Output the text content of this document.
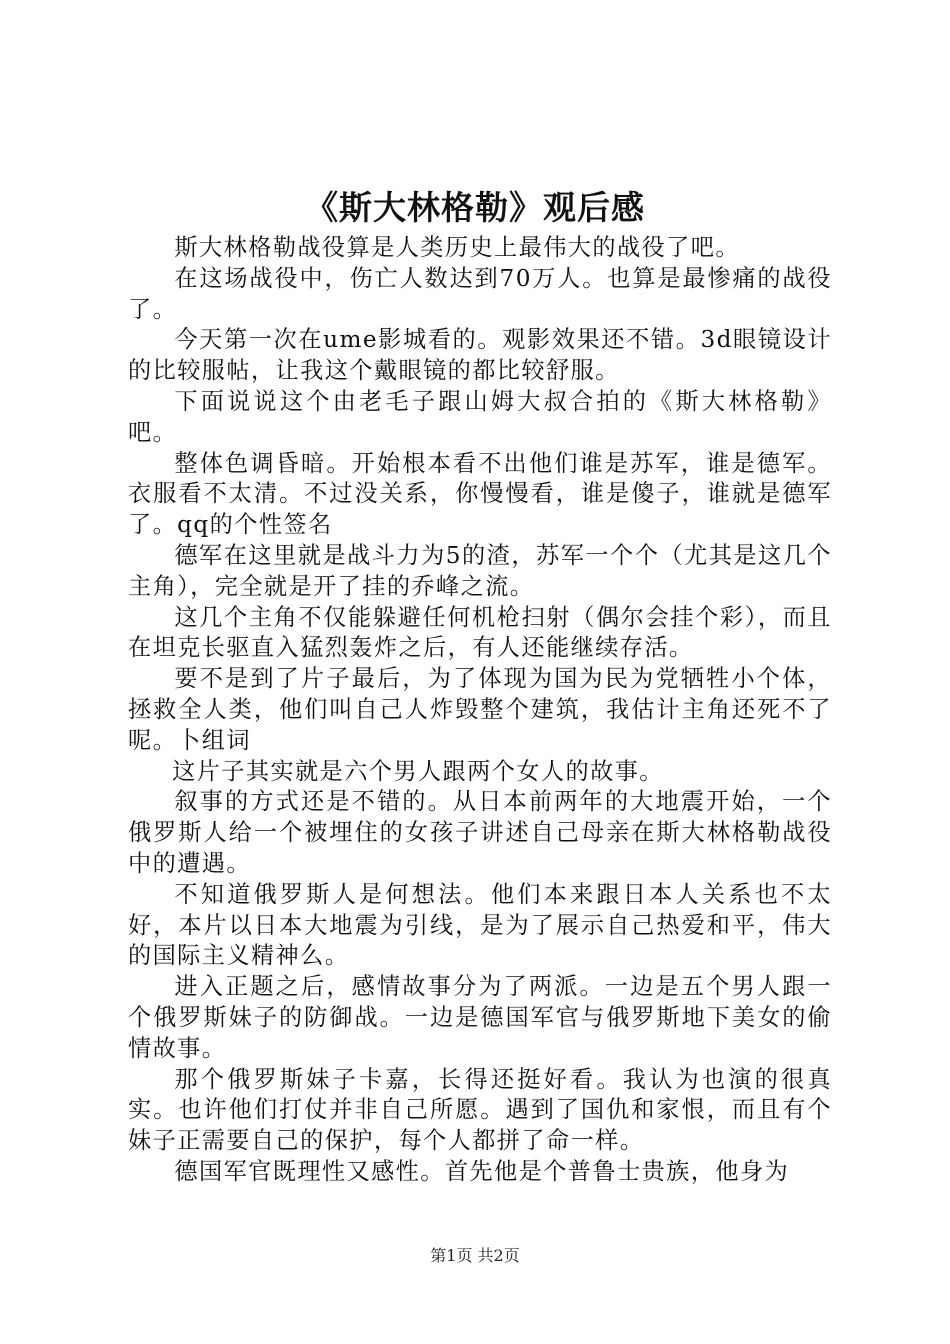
《斯大林格勒》观后感

斯大林格勒战役算是人类历史上最伟大的战役了吧。

在这场战役中，伤亡人数达到70万人。也算是最惨痛的战役了。

今天第一次在ume影城看的。观影效果还不错。3d眼镜设计的比较服帖，让我这个戴眼镜的都比较舒服。

下面说说这个由老毛子跟山姆大叔合拍的《斯大林格勒》吧。

整体色调昏暗。开始根本看不出他们谁是苏军，谁是德军。衣服看不太清。不过没关系，你慢慢看，谁是傻子，谁就是德军了。qq的个性签名

德军在这里就是战斗力为5的渣，苏军一个个（尤其是这几个主角），完全就是开了挂的乔峰之流。

这几个主角不仅能躲避任何机枪扫射（偶尔会挂个彩），而且在坦克长驱直入猛烈轰炸之后，有人还能继续存活。

要不是到了片子最后，为了体现为国为民为党牺牲小个体，拯救全人类，他们叫自己人炸毁整个建筑，我估计主角还死不了呢。卜组词

这片子其实就是六个男人跟两个女人的故事。

叙事的方式还是不错的。从日本前两年的大地震开始，一个俄罗斯人给一个被埋住的女孩子讲述自己母亲在斯大林格勒战役中的遭遇。

不知道俄罗斯人是何想法。他们本来跟日本人关系也不太好，本片以日本大地震为引线，是为了展示自己热爱和平，伟大的国际主义精神么。

进入正题之后，感情故事分为了两派。一边是五个男人跟一个俄罗斯妹子的防御战。一边是德国军官与俄罗斯地下美女的偷情故事。

那个俄罗斯妹子卡嘉，长得还挺好看。我认为也演的很真实。也许他们打仗并非自己所愿。遇到了国仇和家恨，而且有个妹子正需要自己的保护，每个人都拼了命一样。

德国军官既理性又感性。首先他是个普鲁士贵族，他身为

第1页 共2页
